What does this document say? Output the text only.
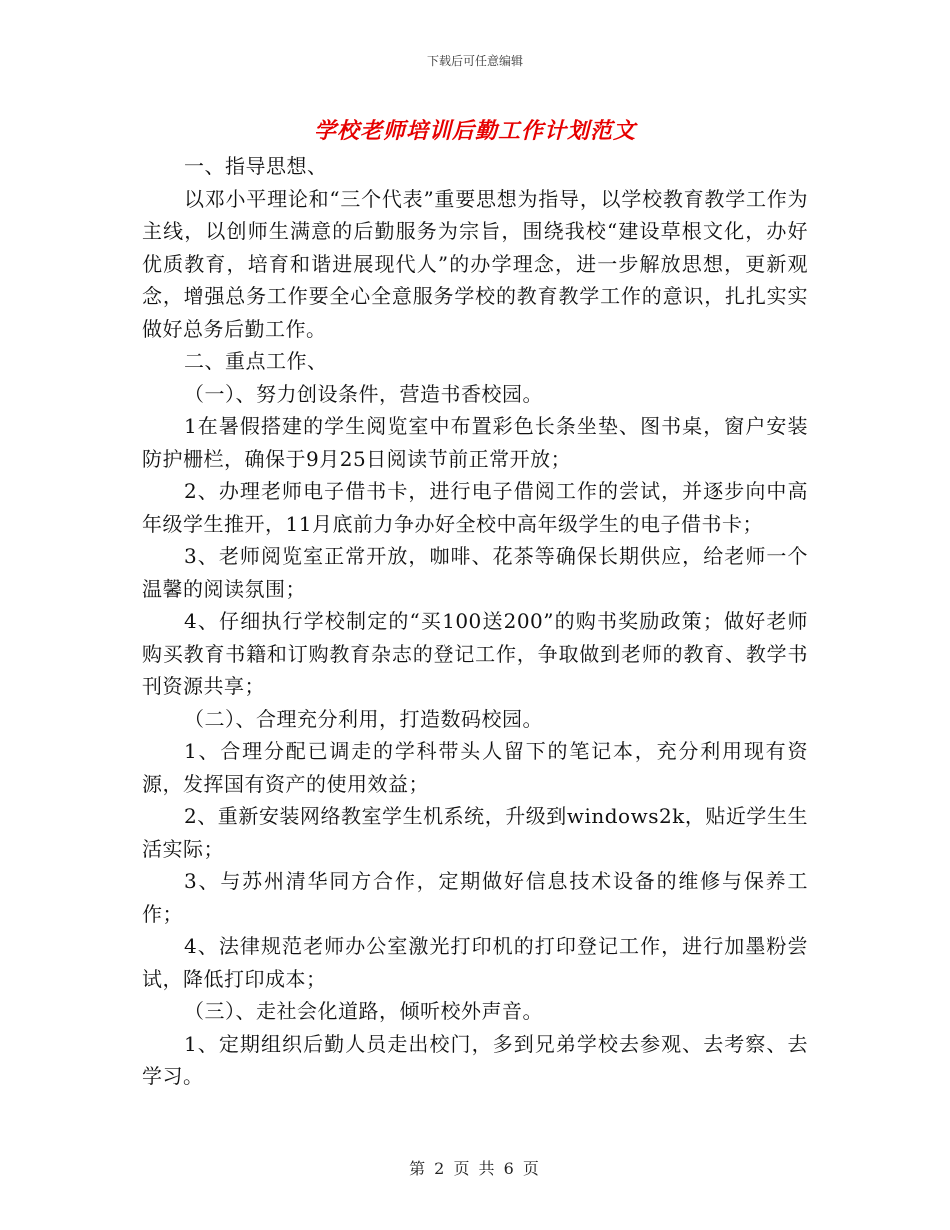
下载后可任意编辑
学校老师培训后勤工作计划范文

一、指导思想、

以邓小平理论和“三个代表”重要思想为指导，以学校教育教学工作为主线，以创师生满意的后勤服务为宗旨，围绕我校“建设草根文化，办好优质教育，培育和谐进展现代人”的办学理念，进一步解放思想，更新观念，增强总务工作要全心全意服务学校的教育教学工作的意识，扎扎实实做好总务后勤工作。

二、重点工作、

（一）、努力创设条件，营造书香校园。

1在暑假搭建的学生阅览室中布置彩色长条坐垫、图书桌，窗户安装防护栅栏，确保于9月25日阅读节前正常开放；

2、办理老师电子借书卡，进行电子借阅工作的尝试，并逐步向中高年级学生推开，11月底前力争办好全校中高年级学生的电子借书卡；

3、老师阅览室正常开放，咖啡、花茶等确保长期供应，给老师一个温馨的阅读氛围；

4、仔细执行学校制定的“买100送200”的购书奖励政策；做好老师购买教育书籍和订购教育杂志的登记工作，争取做到老师的教育、教学书刊资源共享；

（二）、合理充分利用，打造数码校园。

1、合理分配已调走的学科带头人留下的笔记本，充分利用现有资源，发挥国有资产的使用效益；

2、重新安装网络教室学生机系统，升级到windows2k，贴近学生生活实际；

3、与苏州清华同方合作，定期做好信息技术设备的维修与保养工作；

4、法律规范老师办公室激光打印机的打印登记工作，进行加墨粉尝试，降低打印成本；

（三）、走社会化道路，倾听校外声音。

1、定期组织后勤人员走出校门，多到兄弟学校去参观、去考察、去学习。

第 2 页 共 6 页
